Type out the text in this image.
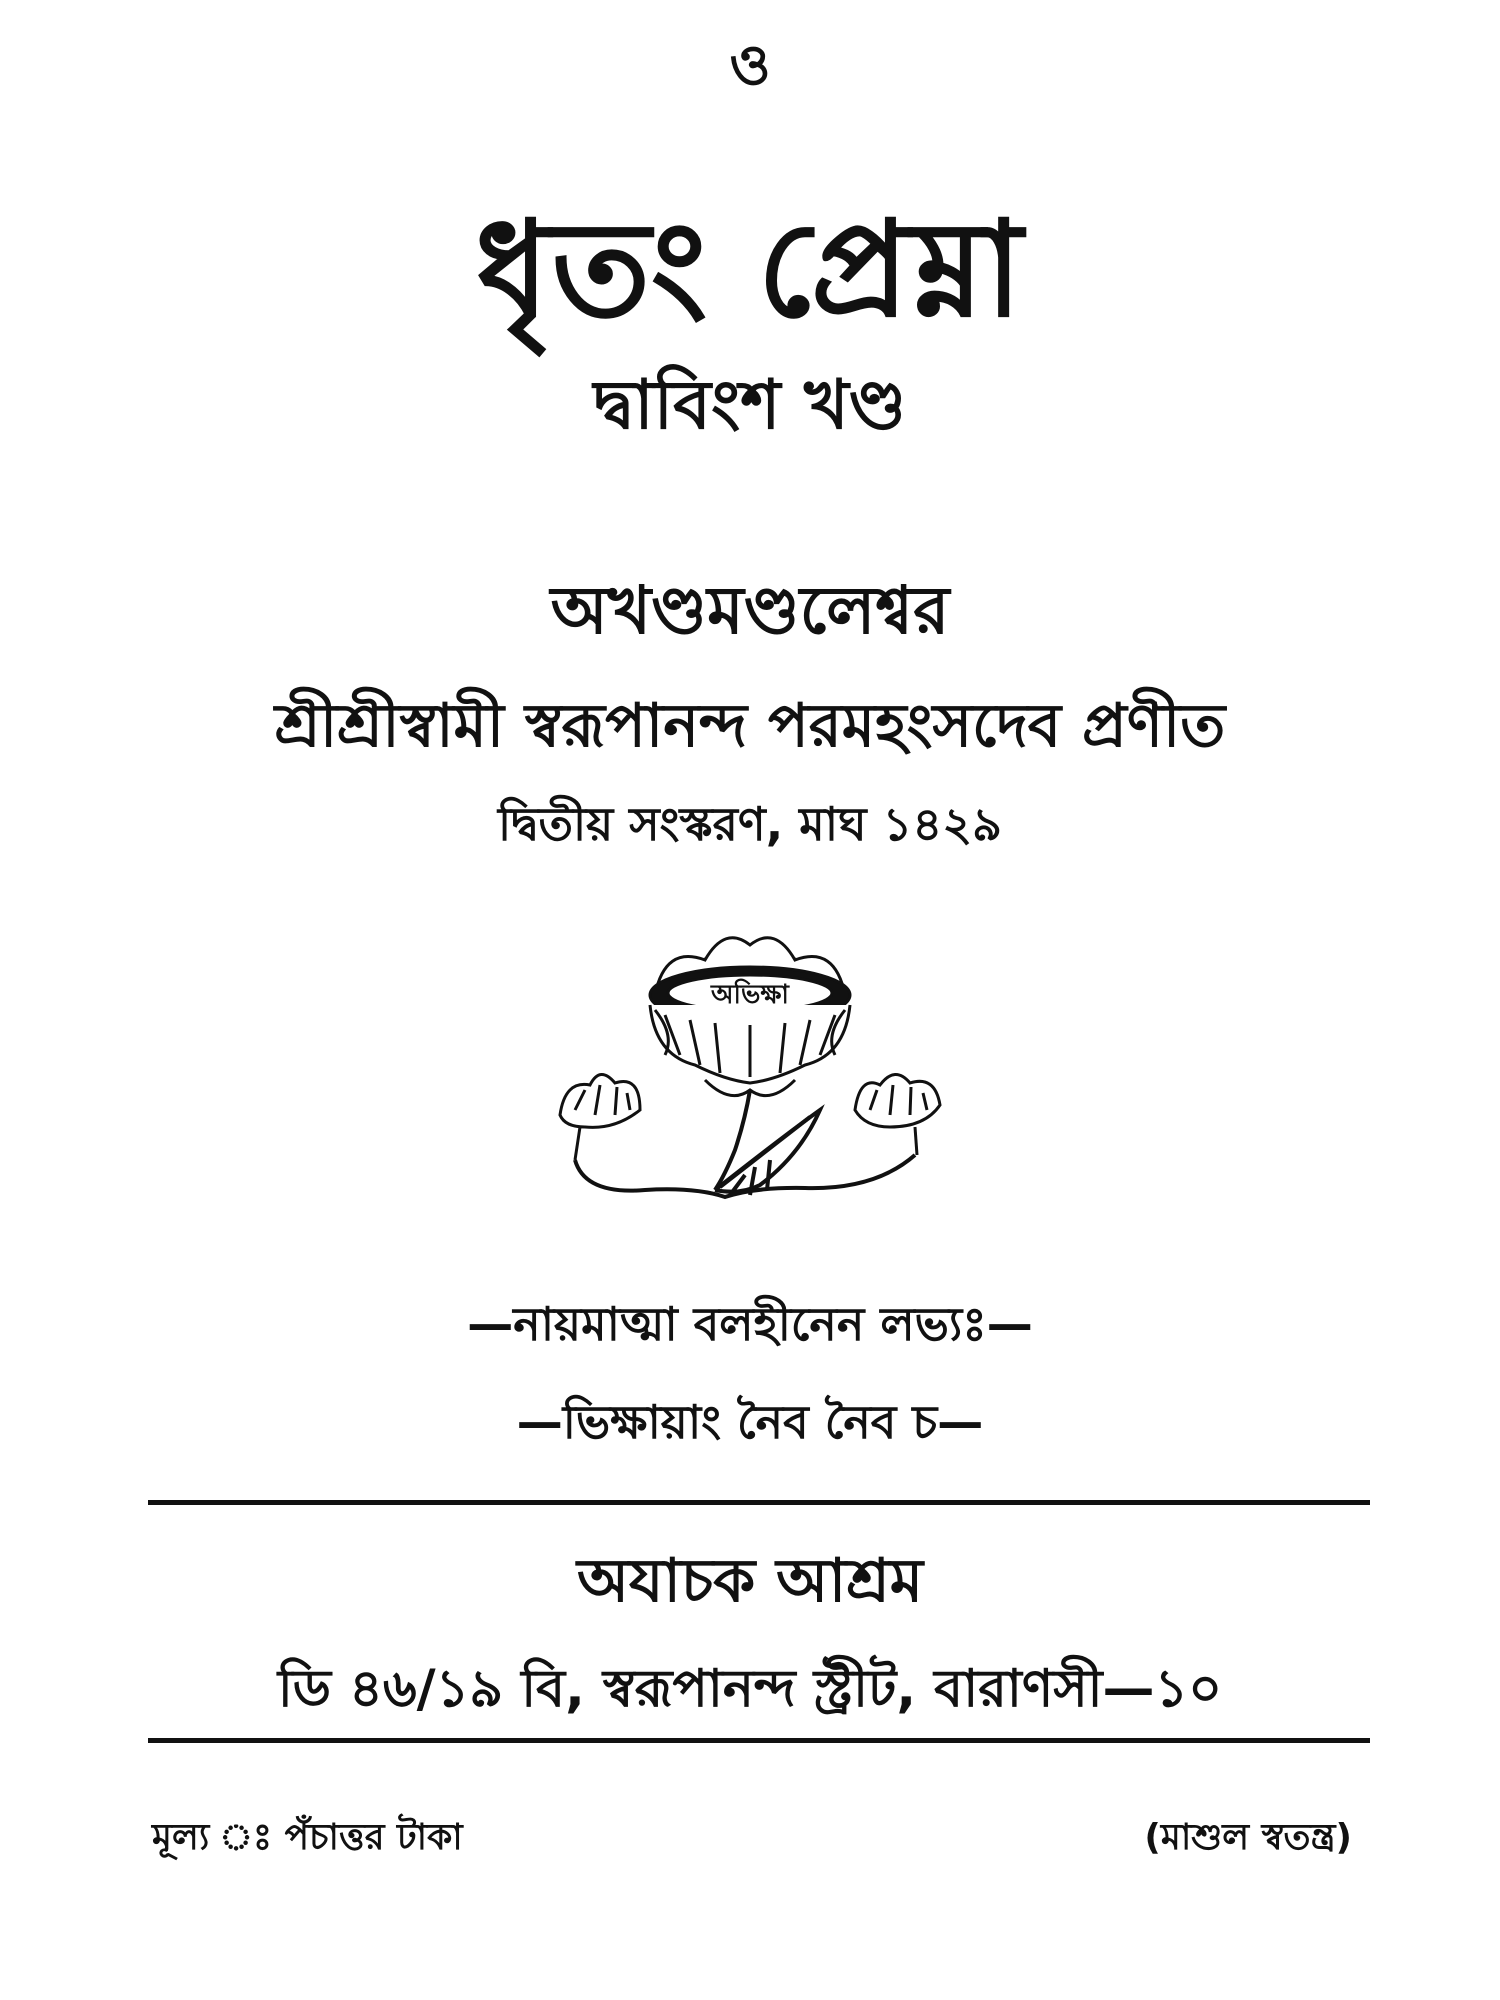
ও
ধৃতং প্রেম্না
দ্বাবিংশ খণ্ড
অখণ্ডমণ্ডলেশ্বর
শ্রীশ্রীস্বামী স্বরূপানন্দ পরমহংসদেব প্রণীত
দ্বিতীয় সংস্করণ, মাঘ ১৪২৯
অভিক্ষা
—নায়মাত্মা বলহীনেন লভ্যঃ—
—ভিক্ষায়াং নৈব নৈব চ—
অযাচক আশ্রম
ডি ৪৬/১৯ বি, স্বরূপানন্দ স্ট্রীট, বারাণসী—১০
মূল্য ঃ পঁচাত্তর টাকা	(মাশুল স্বতন্ত্র)
